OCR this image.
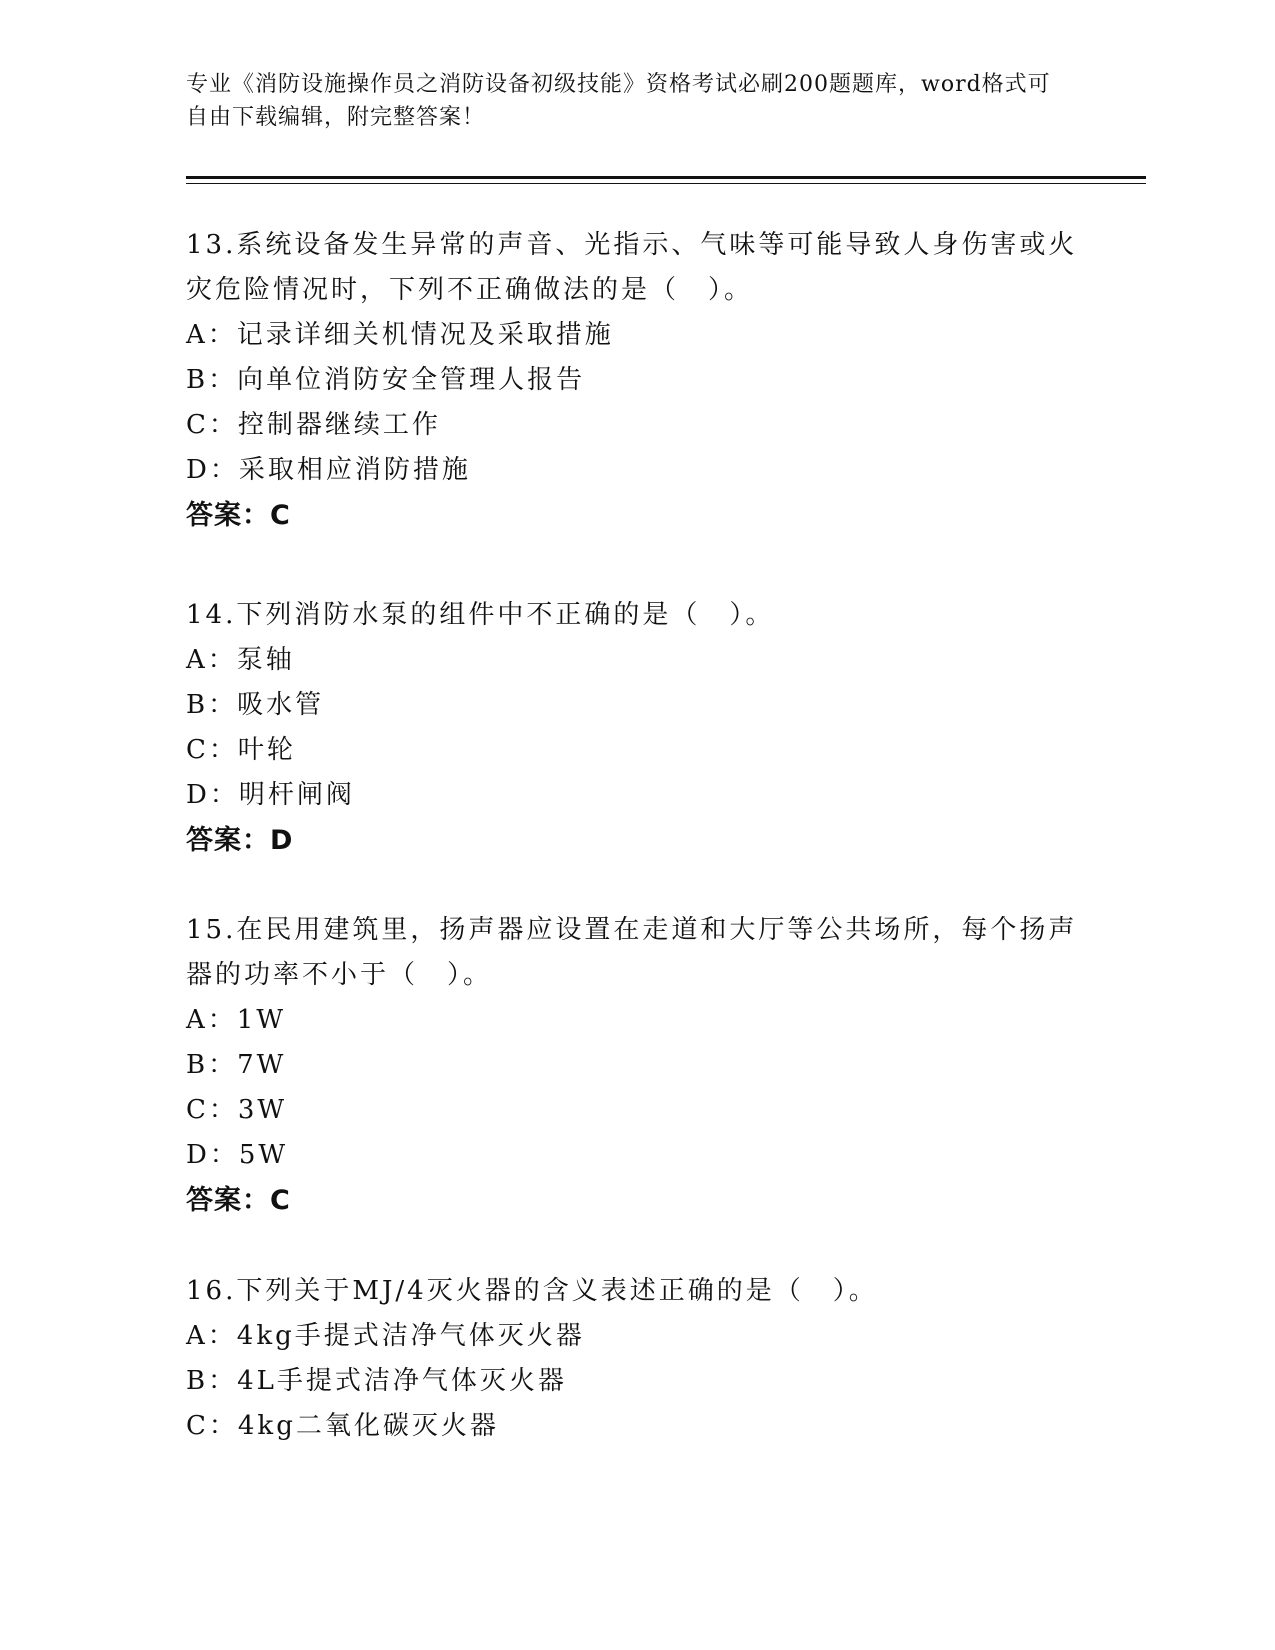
专业《消防设施操作员之消防设备初级技能》资格考试必刷200题题库，word格式可自由下载编辑，附完整答案！

13.系统设备发生异常的声音、光指示、气味等可能导致人身伤害或火灾危险情况时，下列不正确做法的是（　）。

A：记录详细关机情况及采取措施

B：向单位消防安全管理人报告

C：控制器继续工作

D：采取相应消防措施

答案：C

14.下列消防水泵的组件中不正确的是（　）。

A：泵轴

B：吸水管

C：叶轮

D：明杆闸阀

答案：D

15.在民用建筑里，扬声器应设置在走道和大厅等公共场所，每个扬声器的功率不小于（　）。

A：1W

B：7W

C：3W

D：5W

答案：C

16.下列关于MJ/4灭火器的含义表述正确的是（　）。

A：4kg手提式洁净气体灭火器

B：4L手提式洁净气体灭火器

C：4kg二氧化碳灭火器
